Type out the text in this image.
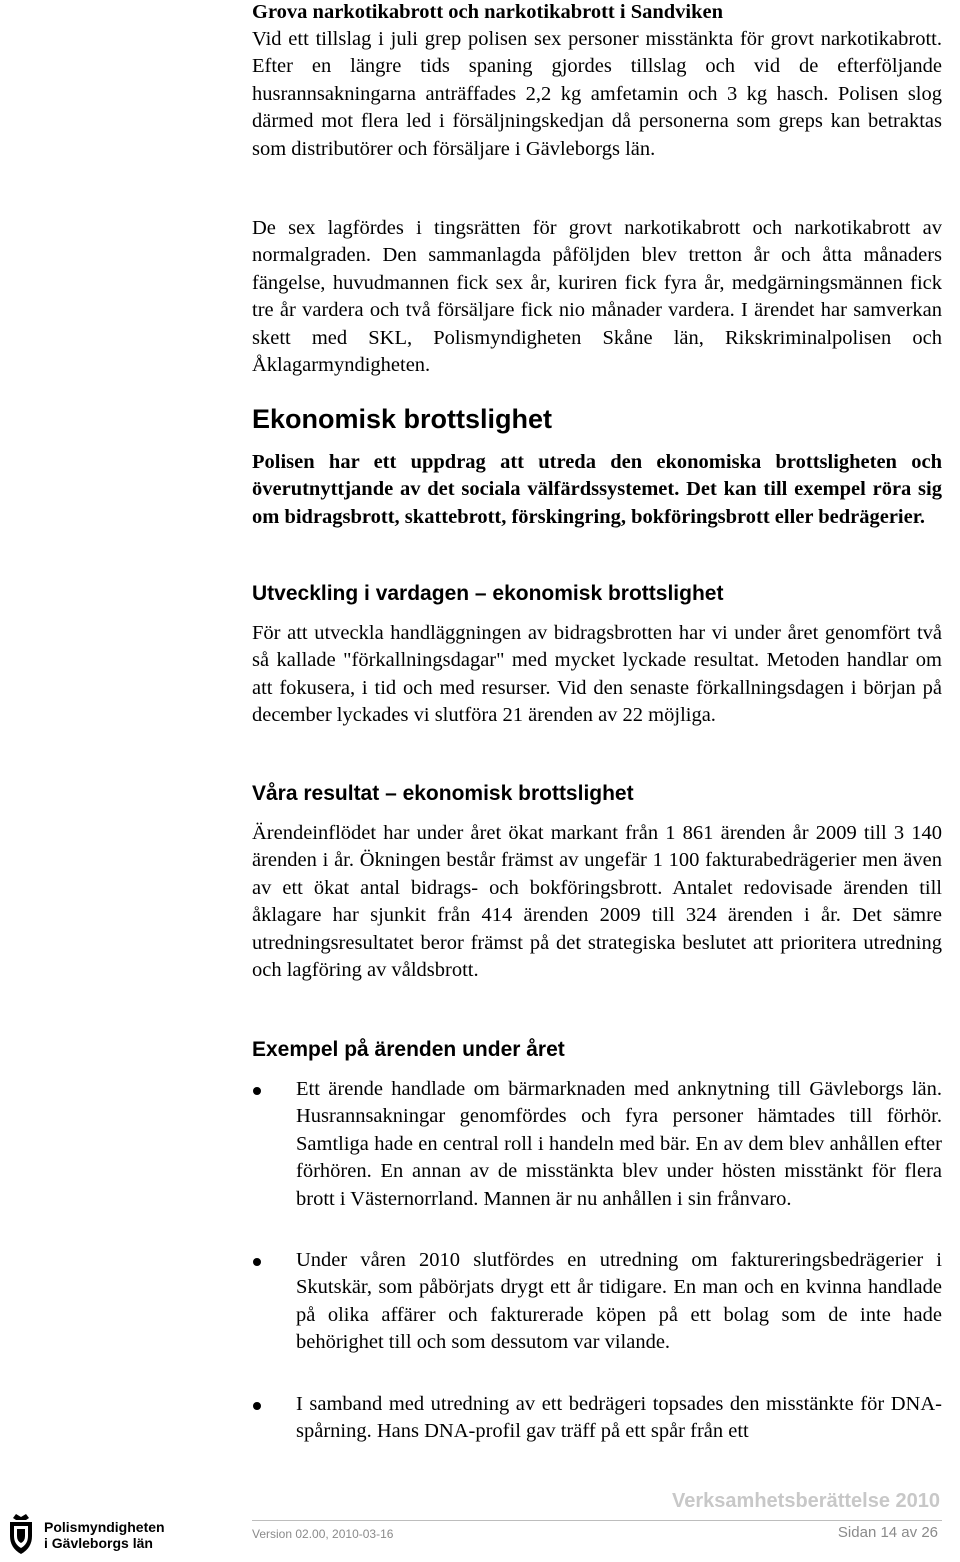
Grova narkotikabrott och narkotikabrott i Sandviken

Vid ett tillslag i juli grep polisen sex personer misstänkta för grovt narkotikabrott. Efter en längre tids spaning gjordes tillslag och vid de efterföljande husrannsakningarna anträffades 2,2 kg amfetamin och 3 kg hasch. Polisen slog därmed mot flera led i försäljningskedjan då personerna som greps kan betraktas som distributörer och försäljare i Gävleborgs län.

De sex lagfördes i tingsrätten för grovt narkotikabrott och narkotikabrott av normalgraden. Den sammanlagda påföljden blev tretton år och åtta månaders fängelse, huvudmannen fick sex år, kuriren fick fyra år, medgärningsmännen fick tre år vardera och två försäljare fick nio månader vardera. I ärendet har samverkan skett med SKL, Polismyndigheten Skåne län, Rikskriminalpolisen och Åklagarmyndigheten.

Ekonomisk brottslighet

Polisen har ett uppdrag att utreda den ekonomiska brottsligheten och överutnyttjande av det sociala välfärdssystemet. Det kan till exempel röra sig om bidragsbrott, skattebrott, förskingring, bokföringsbrott eller bedrägerier.

Utveckling i vardagen – ekonomisk brottslighet

För att utveckla handläggningen av bidragsbrotten har vi under året genomfört två så kallade "förkallningsdagar" med mycket lyckade resultat. Metoden handlar om att fokusera, i tid och med resurser. Vid den senaste förkallningsdagen i början på december lyckades vi slutföra 21 ärenden av 22 möjliga.

Våra resultat – ekonomisk brottslighet

Ärendeinflödet har under året ökat markant från 1 861 ärenden år 2009 till 3 140 ärenden i år. Ökningen består främst av ungefär 1 100 fakturabedrägerier men även av ett ökat antal bidrags- och bokföringsbrott. Antalet redovisade ärenden till åklagare har sjunkit från 414 ärenden 2009 till 324 ärenden i år. Det sämre utredningsresultatet beror främst på det strategiska beslutet att prioritera utredning och lagföring av våldsbrott.

Exempel på ärenden under året
Ett ärende handlade om bärmarknaden med anknytning till Gävleborgs län. Husrannsakningar genomfördes och fyra personer hämtades till förhör. Samtliga hade en central roll i handeln med bär. En av dem blev anhållen efter förhören. En annan av de misstänkta blev under hösten misstänkt för flera brott i Västernorrland. Mannen är nu anhållen i sin frånvaro.
Under våren 2010 slutfördes en utredning om faktureringsbedrägerier i Skutskär, som påbörjats drygt ett år tidigare. En man och en kvinna handlade på olika affärer och fakturerade köpen på ett bolag som de inte hade behörighet till och som dessutom var vilande.
I samband med utredning av ett bedrägeri topsades den misstänkte för DNA-spårning. Hans DNA-profil gav träff på ett spår från ett
Verksamhetsberättelse 2010
Version 02.00, 2010-03-16	Sidan 14 av 26
Polismyndigheten
i Gävleborgs län
